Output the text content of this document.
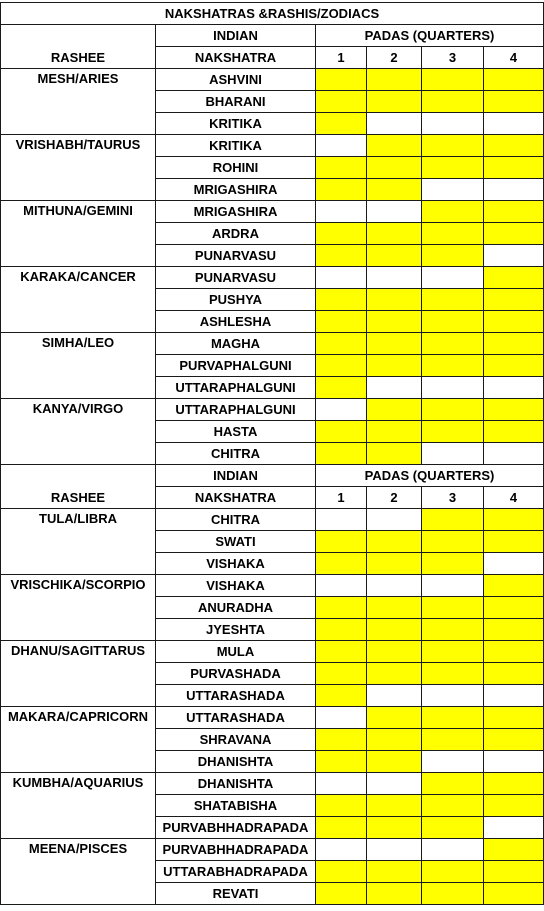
NAKSHATRAS &RASHIS/ZODIACS
INDIAN	PADAS (QUARTERS)
RASHEE	NAKSHATRA	1	2	3	4
MESH/ARIES	ASHVINI
BHARANI
KRITIKA
VRISHABH/TAURUS	KRITIKA
ROHINI
MRIGASHIRA
MITHUNA/GEMINI	MRIGASHIRA
ARDRA
PUNARVASU
KARAKA/CANCER	PUNARVASU
PUSHYA
ASHLESHA
SIMHA/LEO	MAGHA
PURVAPHALGUNI
UTTARAPHALGUNI
KANYA/VIRGO	UTTARAPHALGUNI
HASTA
CHITRA
INDIAN	PADAS (QUARTERS)
RASHEE	NAKSHATRA	1	2	3	4
TULA/LIBRA	CHITRA
SWATI
VISHAKA
VRISCHIKA/SCORPIO	VISHAKA
ANURADHA
JYESHTA
DHANU/SAGITTARUS	MULA
PURVASHADA
UTTARASHADA
MAKARA/CAPRICORN	UTTARASHADA
SHRAVANA
DHANISHTA
KUMBHA/AQUARIUS	DHANISHTA
SHATABISHA
PURVABHHADRAPADA
MEENA/PISCES	PURVABHHADRAPADA
UTTARABHADRAPADA
REVATI
